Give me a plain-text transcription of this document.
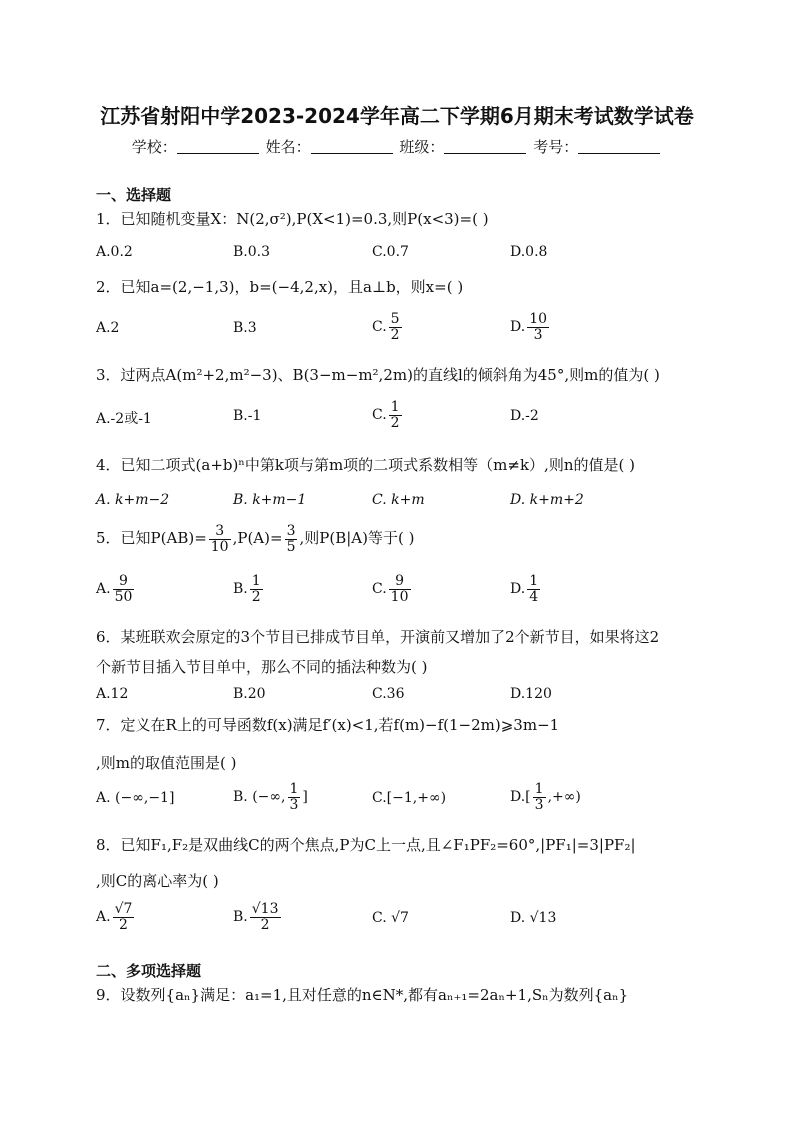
江苏省射阳中学2023-2024学年高二下学期6月期末考试数学试卷
学校：	姓名：	班级：	考号：
一、选择题
1．已知随机变量X：N(2,σ²),P(X<1)=0.3,则P(x<3)=( )
A.0.2	B.0.3	C.0.7	D.0.8
2．已知a=(2,−1,3)，b=(−4,2,x)，且a⊥b，则x=( )
A.2	B.3	C. $\frac{5}{2}$	D. $\frac{10}{3}$
3．过两点A(m²+2,m²−3)、B(3−m−m²,2m)的直线l的倾斜角为45°,则m的值为( )
A.-2或-1	B.-1	C. $\frac{1}{2}$	D.-2
4．已知二项式(a+b)ⁿ中第k项与第m项的二项式系数相等（m≠k）,则n的值是( )
A. k+m−2	B. k+m−1	C. k+m	D. k+m+2
5．已知$P(AB)= \frac{3}{10} ,P(A)= \frac{3}{5}$ ,则P(B|A)等于( )
A. $\frac{9}{50}$	B. $\frac{1}{2}$	C. $\frac{9}{10}$	D. $\frac{1}{4}$
6．某班联欢会原定的3个节目已排成节目单，开演前又增加了2个新节目，如果将这2
个新节目插入节目单中，那么不同的插法种数为( )
A.12	B.20	C.36	D.120
7．定义在R上的可导函数f(x)满足f′(x)<1,若f(m)−f(1−2m)⩾3m−1
,则m的取值范围是( )
A. (−∞,−1]	B. (−∞, $\frac{1}{3}$ ]	C.[−1,+∞)	$D.[ \frac{1}{3}$ ,+∞)
8．已知F₁,F₂是双曲线C的两个焦点,P为C上一点,且∠F₁PF₂=60°,|PF₁|=3|PF₂|
,则C的离心率为( )
A. $\frac{√7}{2}$	B. $\frac{√13}{2}$	C. √7	D. √13
二、多项选择题
9．设数列{aₙ}满足：a₁=1,且对任意的n∈N*,都有aₙ₊₁=2aₙ+1,Sₙ为数列{aₙ}
